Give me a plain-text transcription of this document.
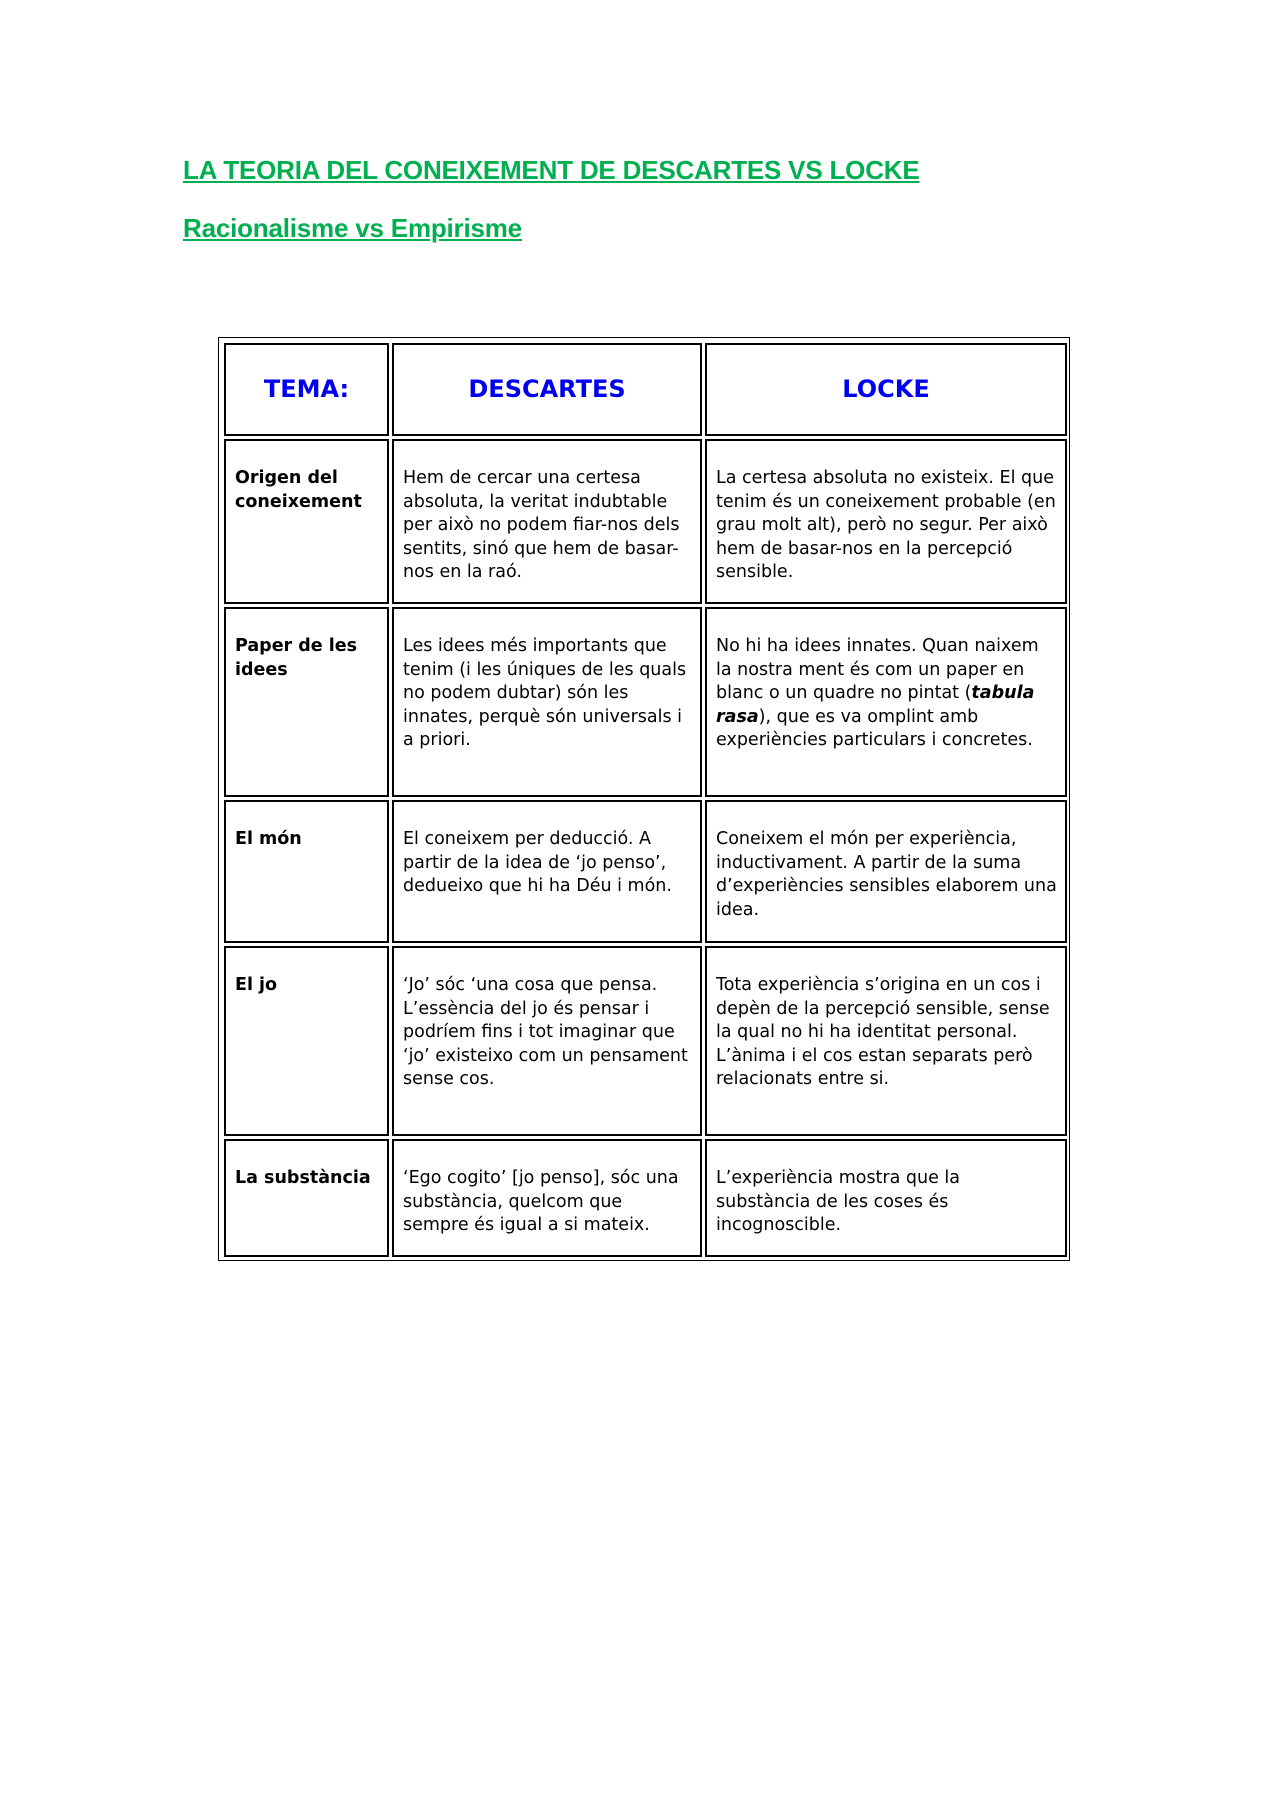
LA TEORIA DEL CONEIXEMENT DE DESCARTES VS LOCKE
Racionalisme vs Empirisme
TEMA:	DESCARTES	LOCKE
Origen del coneixement	Hem de cercar una certesa absoluta, la veritat indubtable per això no podem fiar-nos dels sentits, sinó que hem de basar-nos en la raó.	La certesa absoluta no existeix. El que tenim és un coneixement probable (en grau molt alt), però no segur. Per això hem de basar-nos en la percepció sensible.
Paper de les idees	Les idees més importants que tenim (i les úniques de les quals no podem dubtar) són les innates, perquè són universals i a priori.	No hi ha idees innates. Quan naixem la nostra ment és com un paper en blanc o un quadre no pintat (tabula rasa), que es va omplint amb experiències particulars i concretes.
El món	El coneixem per deducció. A partir de la idea de ‘jo penso’, dedueixo que hi ha Déu i món.	Coneixem el món per experiència, inductivament. A partir de la suma d’experiències sensibles elaborem una idea.
El jo	‘Jo’ sóc ‘una cosa que pensa. L’essència del jo és pensar i podríem fins i tot imaginar que ‘jo’ existeixo com un pensament sense cos.	Tota experiència s’origina en un cos i depèn de la percepció sensible, sense la qual no hi ha identitat personal. L’ànima i el cos estan separats però relacionats entre si.
La substància	‘Ego cogito’ [jo penso], sóc una substància, quelcom que sempre és igual a si mateix.	L’experiència mostra que la substància de les coses és incognoscible.
